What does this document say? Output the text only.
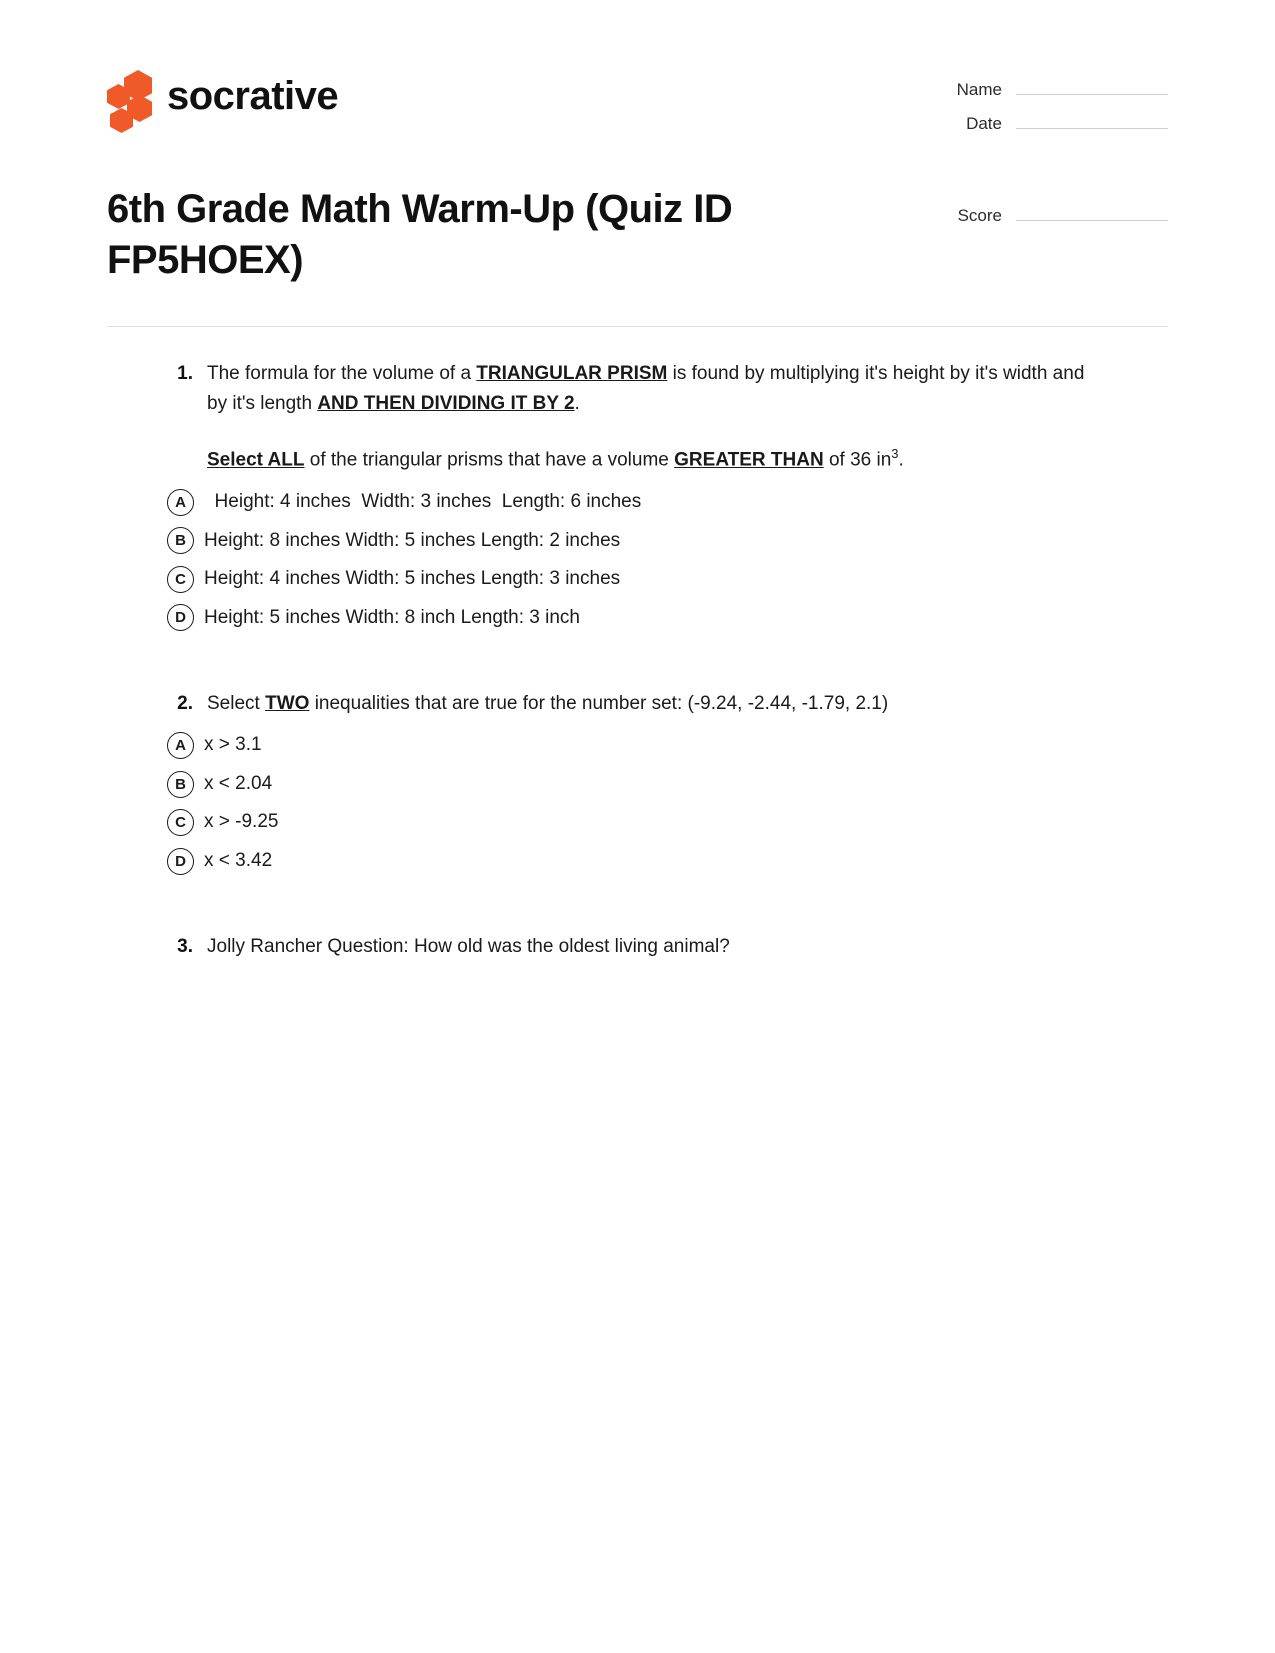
socrative	Name
Date
Score
6th Grade Math Warm-Up (Quiz ID FP5HOEX)
1. The formula for the volume of a TRIANGULAR PRISM is found by multiplying it's height by it's width and by it's length AND THEN DIVIDING IT BY 2.
Select ALL of the triangular prisms that have a volume GREATER THAN of 36 $in^3$.
A Height: 4 inches  Width: 3 inches  Length: 6 inches
B Height: 8 inches Width: 5 inches Length: 2 inches
C Height: 4 inches Width: 5 inches Length: 3 inches
D Height: 5 inches Width: 8 inch Length: 3 inch
2. Select TWO inequalities that are true for the number set: (-9.24, -2.44, -1.79, 2.1)
A x > 3.1
B x < 2.04
C x > -9.25
D x < 3.42
3. Jolly Rancher Question: How old was the oldest living animal?
